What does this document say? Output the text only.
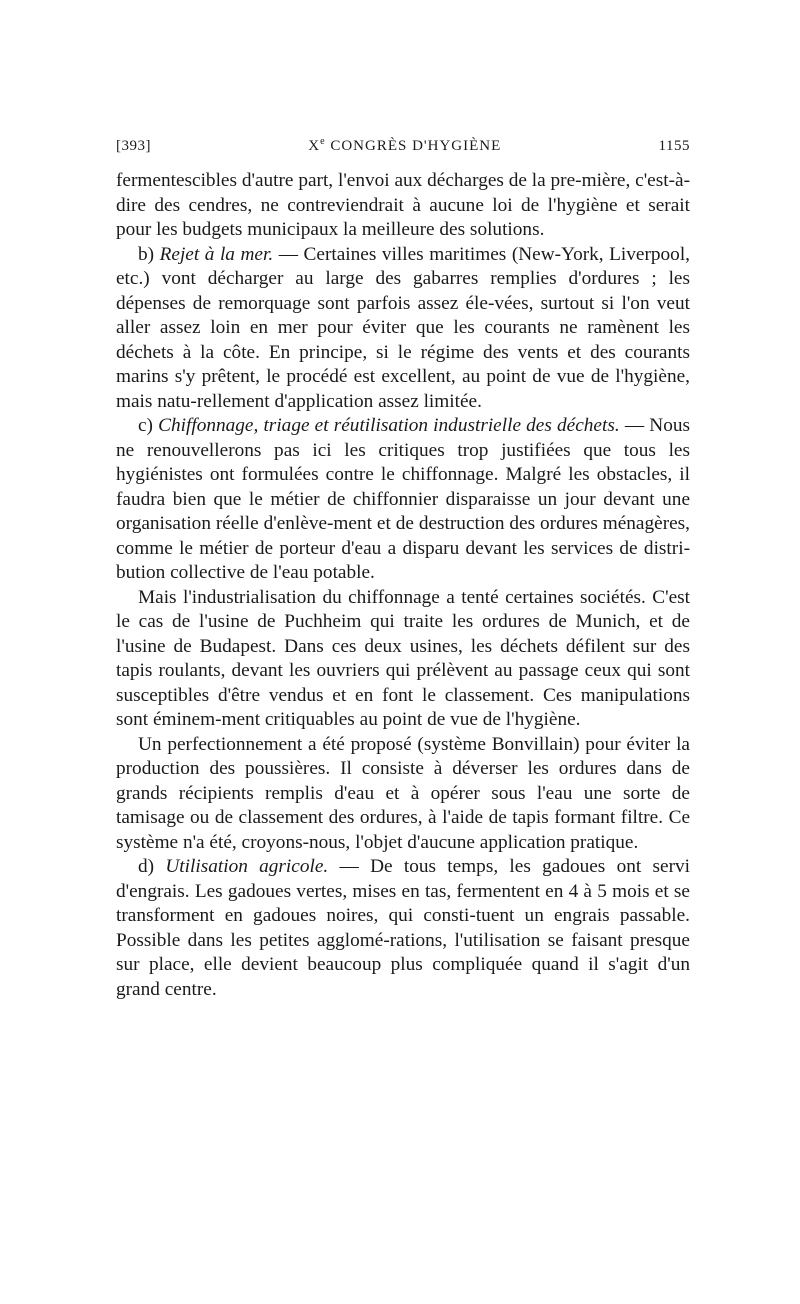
[393]	Xe CONGRÈS D'HYGIÈNE	1155

fermentescibles d'autre part, l'envoi aux décharges de la pre-mière, c'est-à-dire des cendres, ne contreviendrait à aucune loi de l'hygiène et serait pour les budgets municipaux la meilleure des solutions.

b) Rejet à la mer. — Certaines villes maritimes (New-York, Liverpool, etc.) vont décharger au large des gabarres remplies d'ordures ; les dépenses de remorquage sont parfois assez éle-vées, surtout si l'on veut aller assez loin en mer pour éviter que les courants ne ramènent les déchets à la côte. En principe, si le régime des vents et des courants marins s'y prêtent, le procédé est excellent, au point de vue de l'hygiène, mais natu-rellement d'application assez limitée.

c) Chiffonnage, triage et réutilisation industrielle des déchets. — Nous ne renouvellerons pas ici les critiques trop justifiées que tous les hygiénistes ont formulées contre le chiffonnage. Malgré les obstacles, il faudra bien que le métier de chiffonnier disparaisse un jour devant une organisation réelle d'enlève-ment et de destruction des ordures ménagères, comme le métier de porteur d'eau a disparu devant les services de distri-bution collective de l'eau potable.

Mais l'industrialisation du chiffonnage a tenté certaines sociétés. C'est le cas de l'usine de Puchheim qui traite les ordures de Munich, et de l'usine de Budapest. Dans ces deux usines, les déchets défilent sur des tapis roulants, devant les ouvriers qui prélèvent au passage ceux qui sont susceptibles d'être vendus et en font le classement. Ces manipulations sont éminem-ment critiquables au point de vue de l'hygiène.

Un perfectionnement a été proposé (système Bonvillain) pour éviter la production des poussières. Il consiste à déverser les ordures dans de grands récipients remplis d'eau et à opérer sous l'eau une sorte de tamisage ou de classement des ordures, à l'aide de tapis formant filtre. Ce système n'a été, croyons-nous, l'objet d'aucune application pratique.

d) Utilisation agricole. — De tous temps, les gadoues ont servi d'engrais. Les gadoues vertes, mises en tas, fermentent en 4 à 5 mois et se transforment en gadoues noires, qui consti-tuent un engrais passable. Possible dans les petites agglomé-rations, l'utilisation se faisant presque sur place, elle devient beaucoup plus compliquée quand il s'agit d'un grand centre.
